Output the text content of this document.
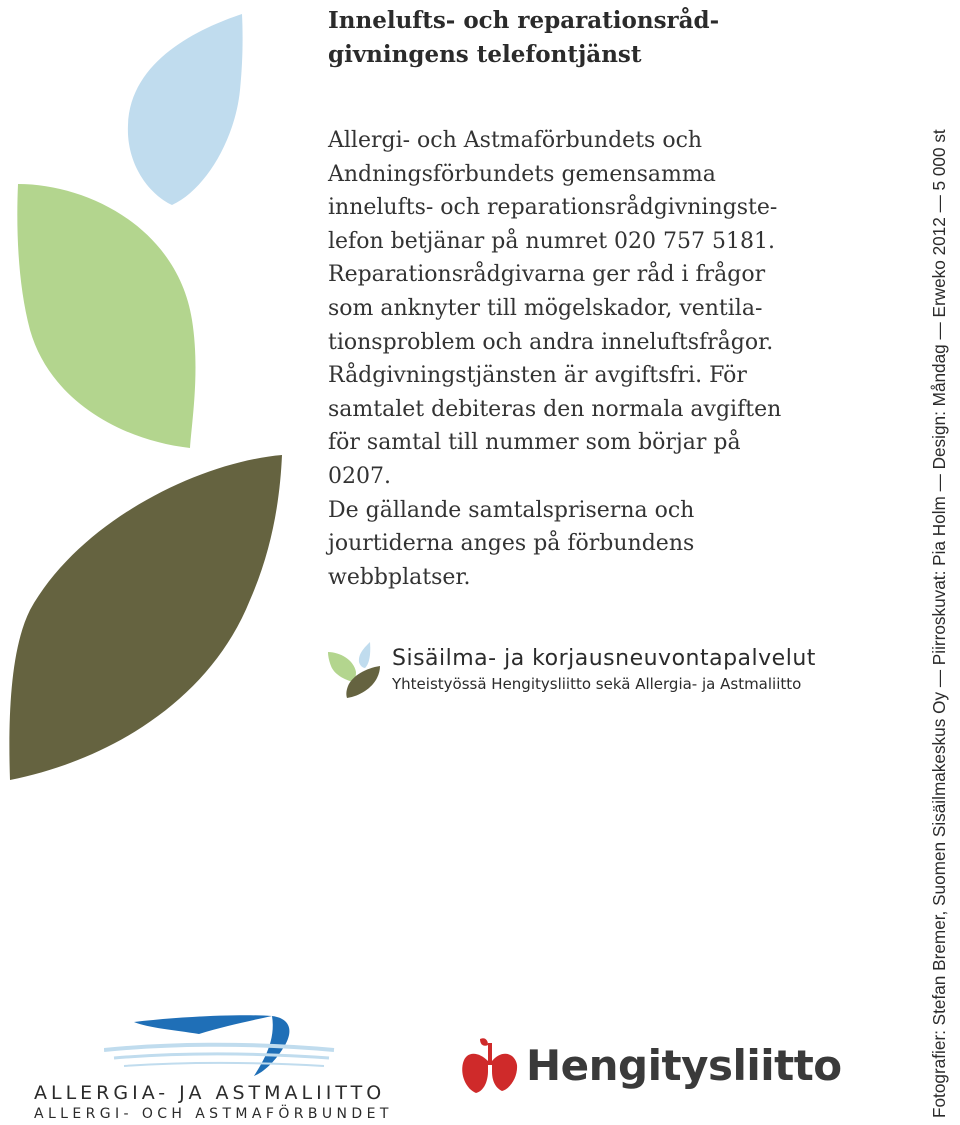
Innelufts- och reparationsråd-
givningens telefontjänst

Allergi- och Astmaförbundets och
Andningsförbundets gemensamma
innelufts- och reparationsrådgivningste-
lefon betjänar på numret 020 757 5181.
Reparationsrådgivarna ger råd i frågor
som anknyter till mögelskador, ventila-
tionsproblem och andra inneluftsfrågor.
Rådgivningstjänsten är avgiftsfri. För
samtalet debiteras den normala avgiften
för samtal till nummer som börjar på
0207.

De gällande samtalspriserna och
jourtiderna anges på förbundens
webbplatser.

Sisäilma- ja korjausneuvontapalvelut
Yhteistyössä Hengitysliitto sekä Allergia- ja Astmaliitto
ALLERGIA- JA ASTMALIITTO
ALLERGI- OCH ASTMAFÖRBUNDET
Hengitysliitto	Fotografier: Stefan Bremer, Suomen Sisäilmakeskus Oy — Piirroskuvat: Pia Holm — Design: Måndag — Erweko 2012 — 5 000 st
